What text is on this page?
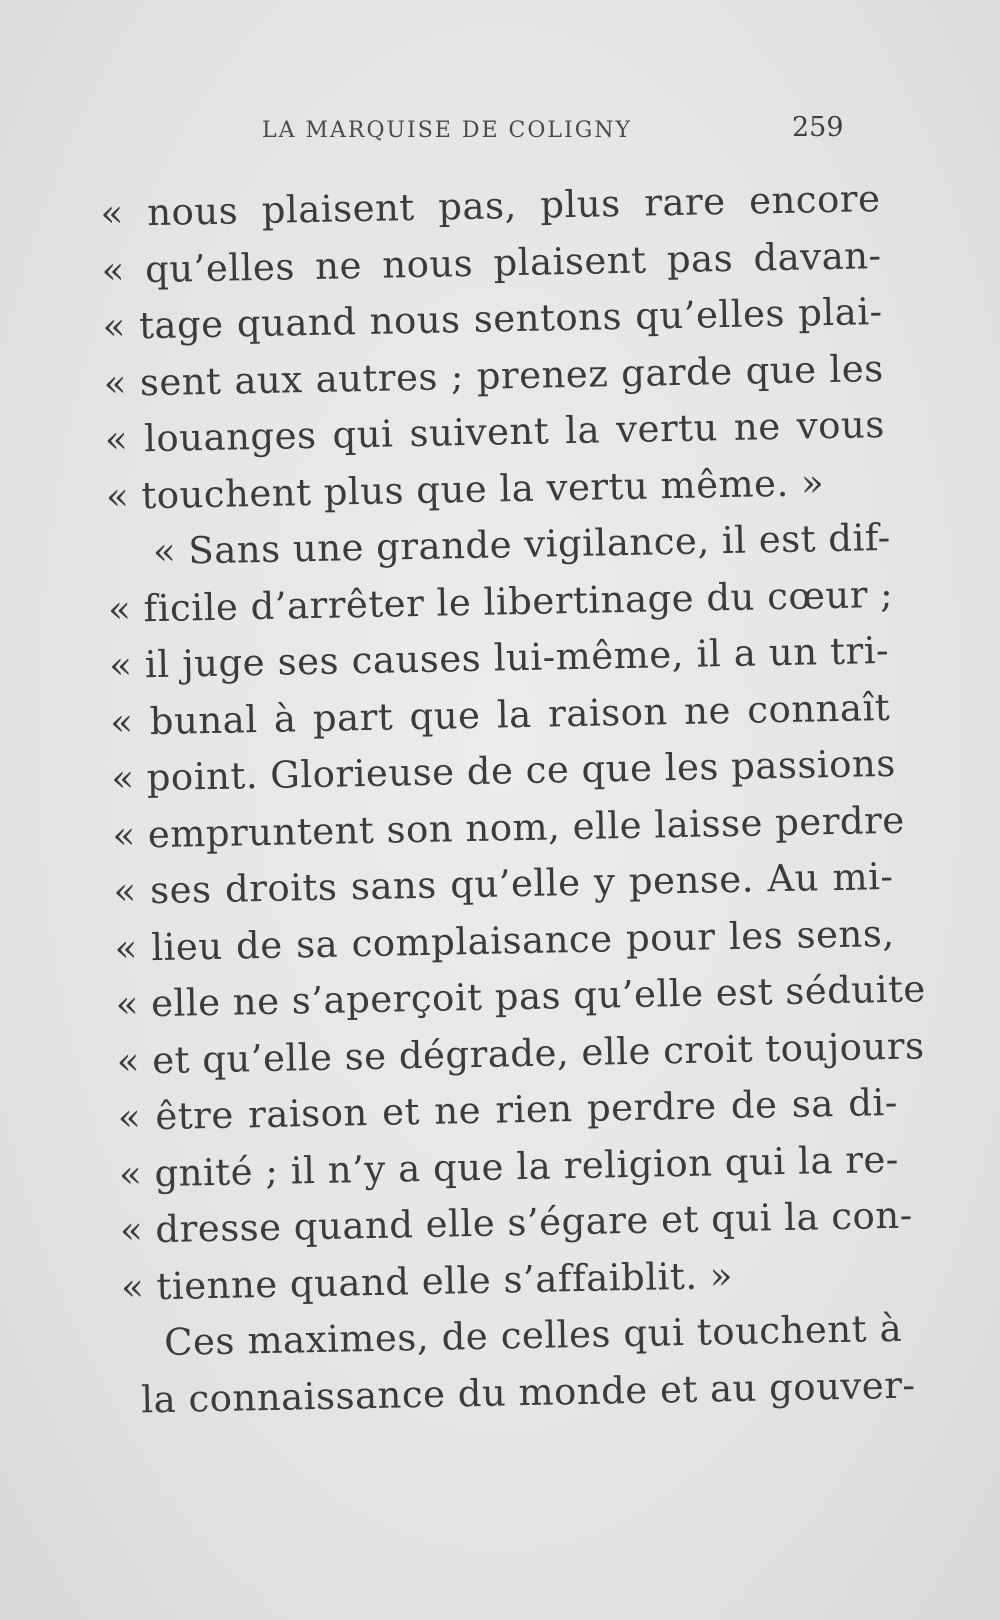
LA MARQUISE DE COLIGNY	259
« nous plaisent pas, plus rare encore
« qu’elles ne nous plaisent pas davan-
« tage quand nous sentons qu’elles plai-
« sent aux autres ; prenez garde que les
« louanges qui suivent la vertu ne vous
« touchent plus que la vertu même. »
« Sans une grande vigilance, il est dif-
« ficile d’arrêter le libertinage du cœur ;
« il juge ses causes lui-même, il a un tri-
« bunal à part que la raison ne connaît
« point. Glorieuse de ce que les passions
« empruntent son nom, elle laisse perdre
« ses droits sans qu’elle y pense. Au mi-
« lieu de sa complaisance pour les sens,
« elle ne s’aperçoit pas qu’elle est séduite
« et qu’elle se dégrade, elle croit toujours
« être raison et ne rien perdre de sa di-
« gnité ; il n’y a que la religion qui la re-
« dresse quand elle s’égare et qui la con-
« tienne quand elle s’affaiblit. »
Ces maximes, de celles qui touchent à
la connaissance du monde et au gouver-
